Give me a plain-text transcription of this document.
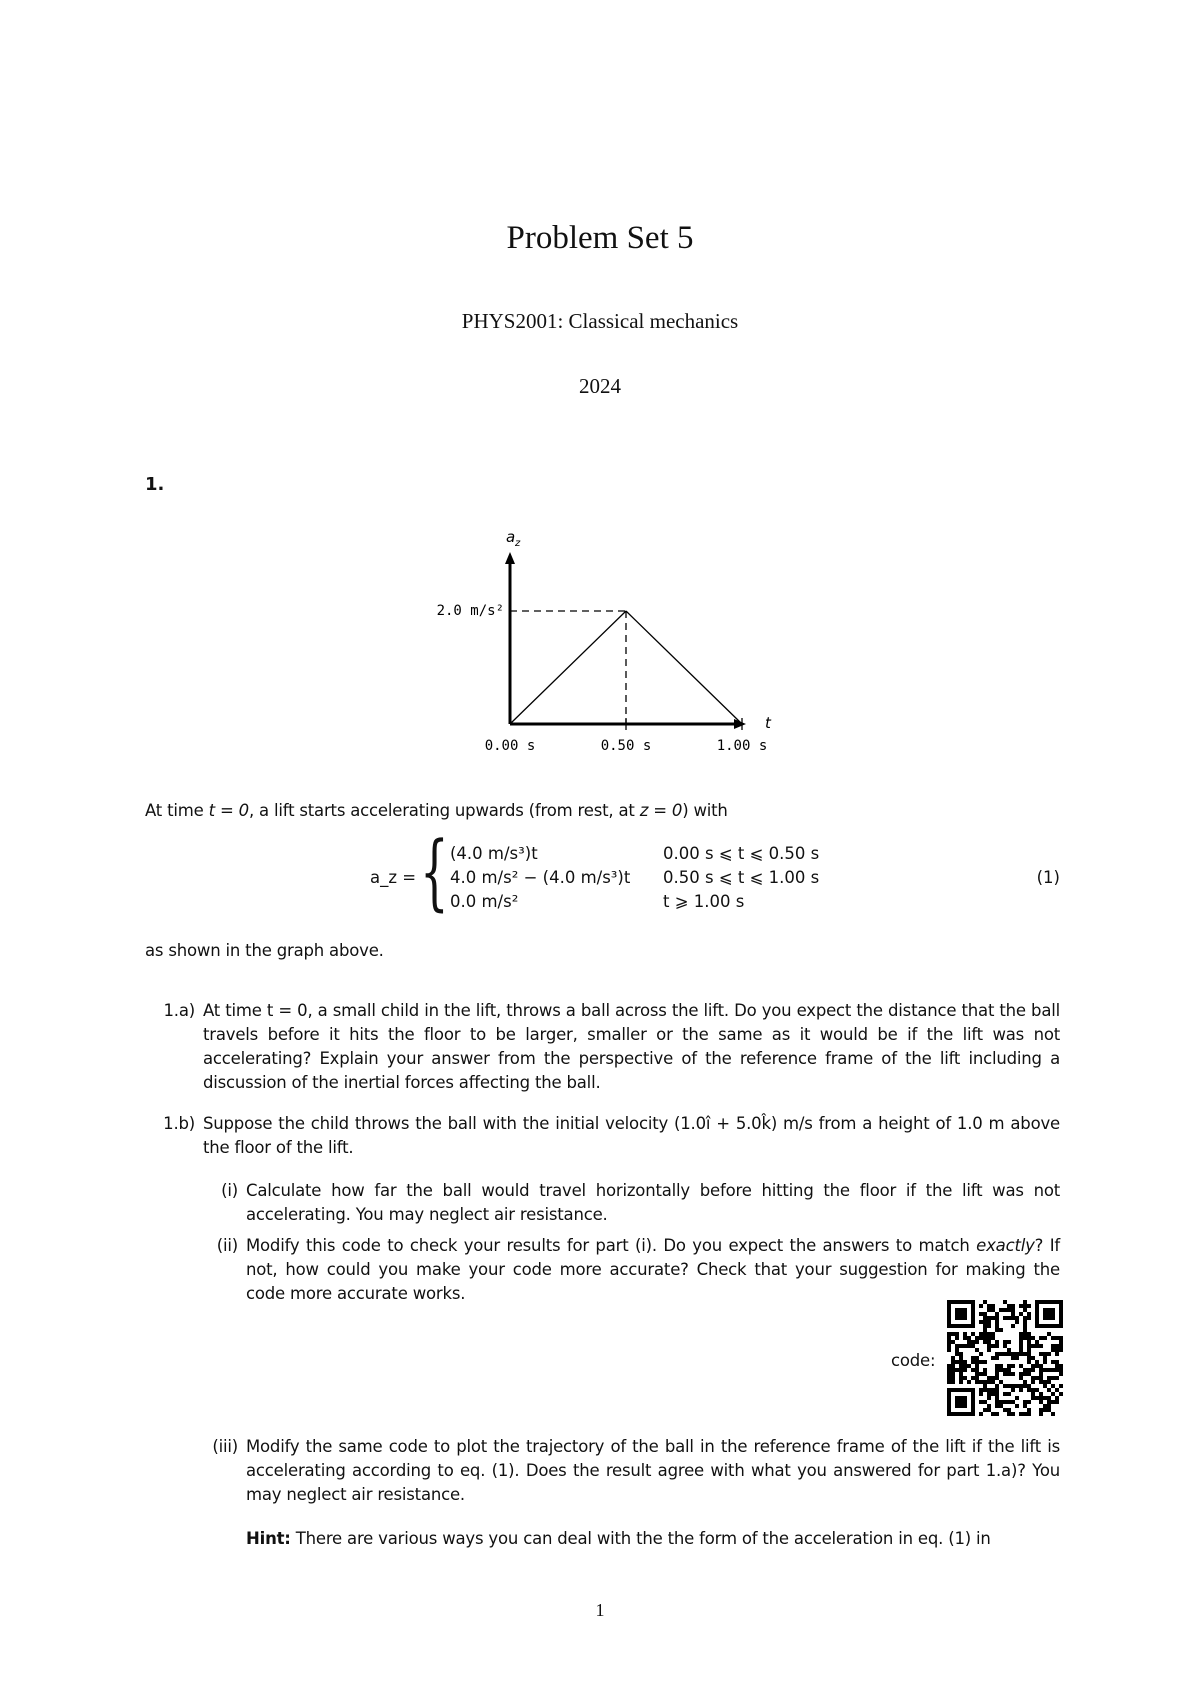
Problem Set 5
PHYS2001: Classical mechanics
2024
1.
a z
t
2.0 m/s²
0.00 s	0.50 s	1.00 s
At time t = 0, a lift starts accelerating upwards (from rest, at z = 0) with
a_z = { (4.0 m/s³)t
4.0 m/s² − (4.0 m/s³)t
0.0 m/s²
0.00 s ⩽ t ⩽ 0.50 s
0.50 s ⩽ t ⩽ 1.00 s
t ⩾ 1.00 s
(1)
as shown in the graph above.
1.a) At time t = 0, a small child in the lift, throws a ball across the lift. Do you expect the distance that the ball travels before it hits the floor to be larger, smaller or the same as it would be if the lift was not accelerating? Explain your answer from the perspective of the reference frame of the lift including a discussion of the inertial forces affecting the ball.
1.b) Suppose the child throws the ball with the initial velocity (1.0î + 5.0k̂) m/s from a height of 1.0 m above the floor of the lift.
(i) Calculate how far the ball would travel horizontally before hitting the floor if the lift was not accelerating. You may neglect air resistance.
(ii) Modify this code to check your results for part (i). Do you expect the answers to match exactly? If not, how could you make your code more accurate? Check that your suggestion for making the code more accurate works.
code:
(iii) Modify the same code to plot the trajectory of the ball in the reference frame of the lift if the lift is accelerating according to eq. (1). Does the result agree with what you answered for part 1.a)? You may neglect air resistance.
Hint: There are various ways you can deal with the the form of the acceleration in eq. (1) in
1
